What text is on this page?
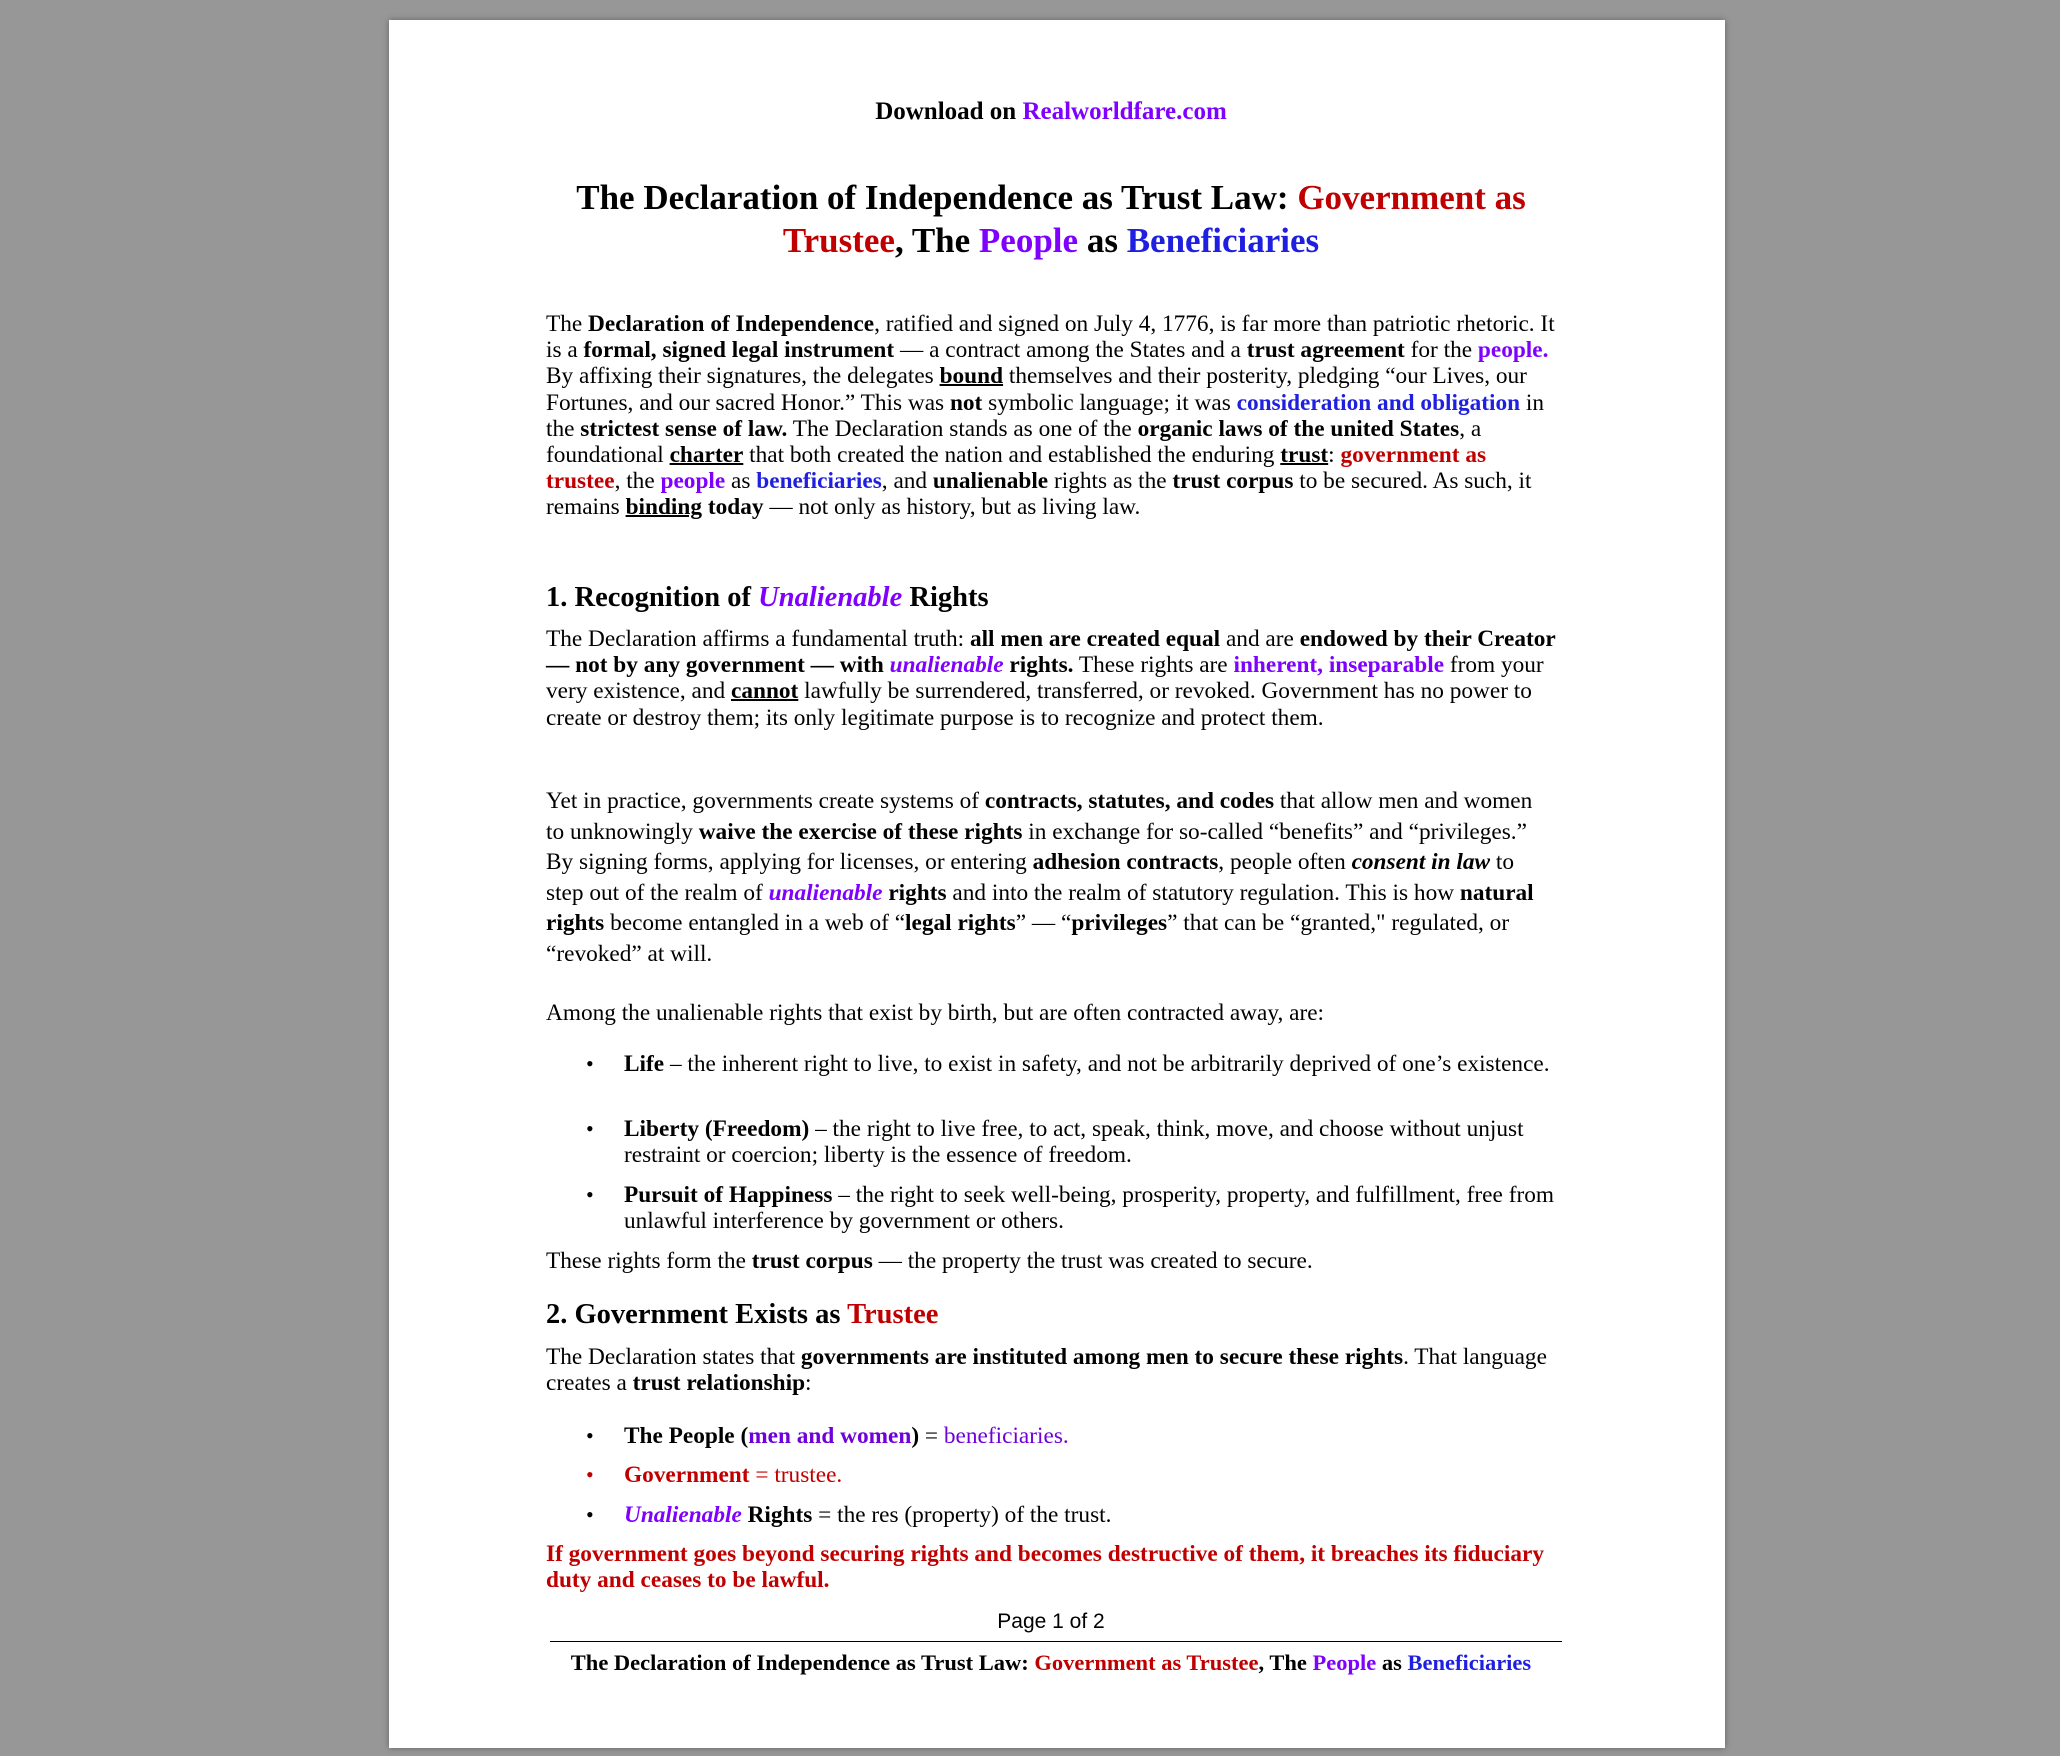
Download on Realworldfare.com
The Declaration of Independence as Trust Law: Government as Trustee, The People as Beneficiaries

The Declaration of Independence, ratified and signed on July 4, 1776, is far more than patriotic rhetoric. It is a formal, signed legal instrument — a contract among the States and a trust agreement for the people. By affixing their signatures, the delegates bound themselves and their posterity, pledging “our Lives, our Fortunes, and our sacred Honor.” This was not symbolic language; it was consideration and obligation in the strictest sense of law. The Declaration stands as one of the organic laws of the united States, a foundational charter that both created the nation and established the enduring trust: government as trustee, the people as beneficiaries, and unalienable rights as the trust corpus to be secured. As such, it remains binding today — not only as history, but as living law.

1. Recognition of Unalienable Rights

The Declaration affirms a fundamental truth: all men are created equal and are endowed by their Creator — not by any government — with unalienable rights. These rights are inherent, inseparable from your very existence, and cannot lawfully be surrendered, transferred, or revoked. Government has no power to create or destroy them; its only legitimate purpose is to recognize and protect them.

Yet in practice, governments create systems of contracts, statutes, and codes that allow men and women to unknowingly waive the exercise of these rights in exchange for so-called “benefits” and “privileges.” By signing forms, applying for licenses, or entering adhesion contracts, people often consent in law to step out of the realm of unalienable rights and into the realm of statutory regulation. This is how natural rights become entangled in a web of “legal rights” — “privileges” that can be “granted," regulated, or “revoked” at will.

Among the unalienable rights that exist by birth, but are often contracted away, are:

• Life – the inherent right to live, to exist in safety, and not be arbitrarily deprived of one’s existence.
• Liberty (Freedom) – the right to live free, to act, speak, think, move, and choose without unjust restraint or coercion; liberty is the essence of freedom.
• Pursuit of Happiness – the right to seek well-being, prosperity, property, and fulfillment, free from unlawful interference by government or others.

These rights form the trust corpus — the property the trust was created to secure.

2. Government Exists as Trustee

The Declaration states that governments are instituted among men to secure these rights. That language creates a trust relationship:

• The People (men and women) = beneficiaries.
• Government = trustee.
• Unalienable Rights = the res (property) of the trust.

If government goes beyond securing rights and becomes destructive of them, it breaches its fiduciary duty and ceases to be lawful.

Page 1 of 2
The Declaration of Independence as Trust Law: Government as Trustee, The People as Beneficiaries
